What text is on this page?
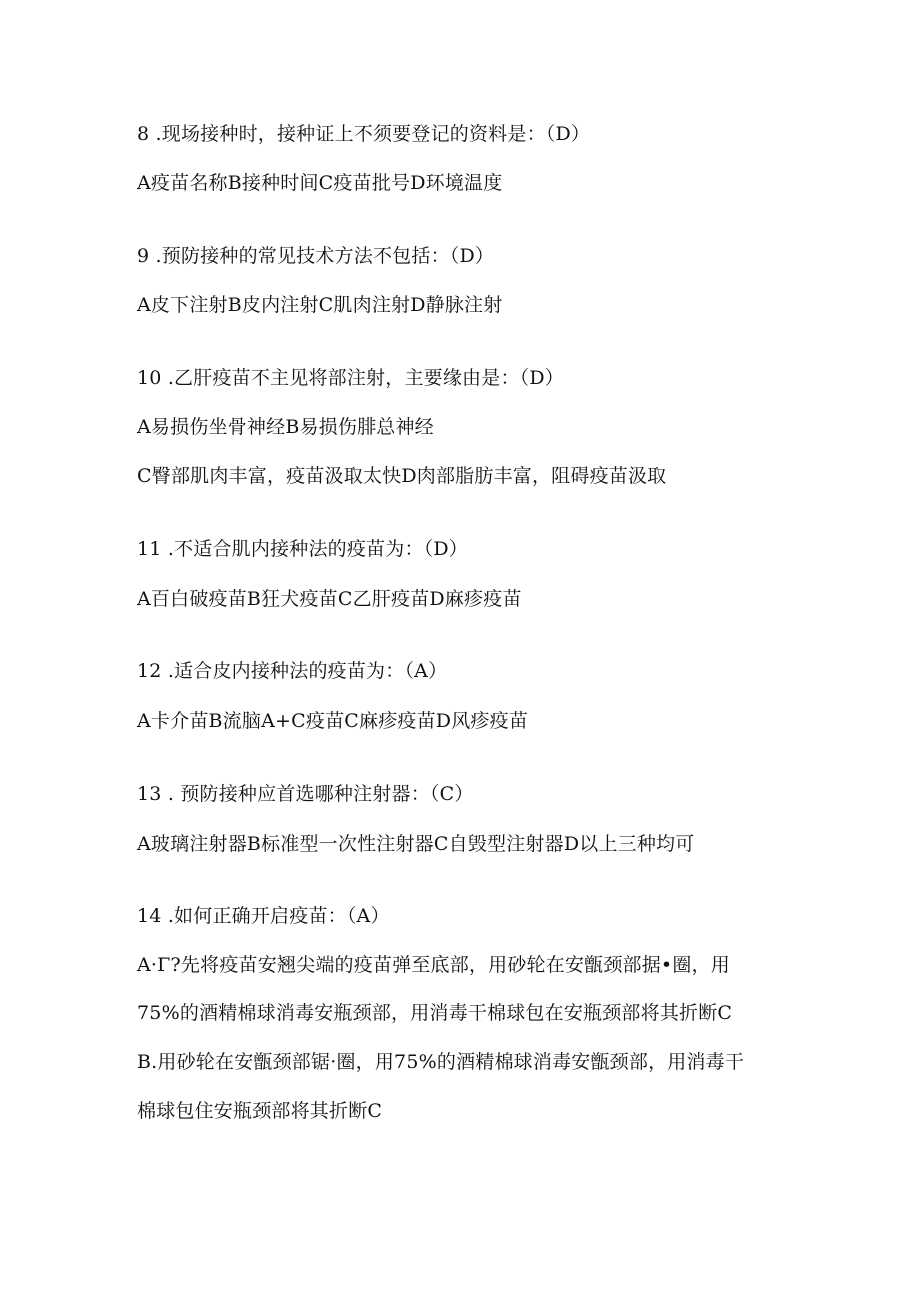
8 .现场接种时，接种证上不须要登记的资料是：（D）
A疫苗名称B接种时间C疫苗批号D环境温度
9 .预防接种的常见技术方法不包括：（D）
A皮下注射B皮内注射C肌肉注射D静脉注射
10 .乙肝疫苗不主见将部注射，主要缘由是：（D）
A易损伤坐骨神经B易损伤腓总神经
C臀部肌肉丰富，疫苗汲取太快D肉部脂肪丰富，阻碍疫苗汲取
11 .不适合肌内接种法的疫苗为：（D）
A百白破疫苗B狂犬疫苗C乙肝疫苗D麻疹疫苗
12 .适合皮内接种法的疫苗为：（A）
A卡介苗B流脑A+C疫苗C麻疹疫苗D风疹疫苗
13 . 预防接种应首选哪种注射器：（C）
A玻璃注射器B标准型一次性注射器C自毁型注射器D以上三种均可
14 .如何正确开启疫苗：（A）
A·Γ?先将疫苗安翘尖端的疫苗弹至底部，用砂轮在安甑颈部据•圈，用
75%的酒精棉球消毒安瓶颈部，用消毒干棉球包在安瓶颈部将其折断C
B.用砂轮在安甑颈部锯·圈，用75%的酒精棉球消毒安甑颈部，用消毒干
棉球包住安瓶颈部将其折断C
